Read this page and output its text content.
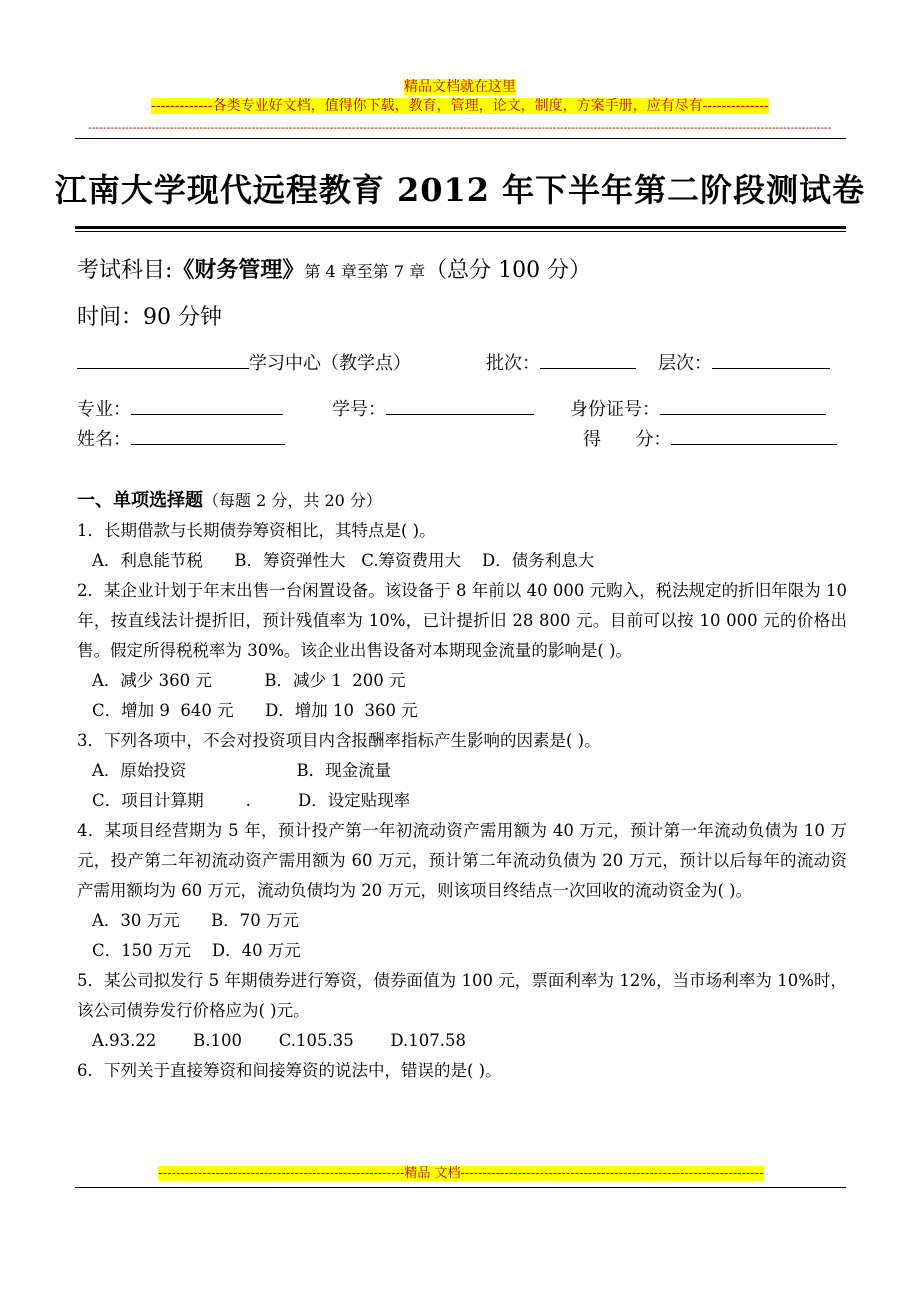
精品文档就在这里
-------------各类专业好文档，值得你下载，教育，管理，论文，制度，方案手册，应有尽有--------------
--------------------------------------------------------------------------------------------------------------------------------------------------------------------------------------------------------
江南大学现代远程教育 2012 年下半年第二阶段测试卷
考试科目:《财务管理》第 4 章至第 7 章（总分 100 分）
时间：90 分钟
学习中心（教学点）	批次：	层次：
专业：	学号：	身份证号：
姓名：	得      分：

一、单项选择题（每题 2 分，共 20 分）

1．长期借款与长期债券筹资相比，其特点是( )。

A．利息能节税      B．筹资弹性大   C.筹资费用大    D．债务利息大

2．某企业计划于年末出售一台闲置设备。该设备于 8 年前以 40 000 元购入，税法规定的折旧年限为 10 年，按直线法计提折旧，预计残值率为 10%，已计提折旧 28 800 元。目前可以按 10 000 元的价格出售。假定所得税税率为 30%。该企业出售设备对本期现金流量的影响是( )。

A．减少 360 元          B．减少 1  200 元

C．增加 9  640 元      D．增加 10  360 元

3．下列各项中，不会对投资项目内含报酬率指标产生影响的因素是( )。

A．原始投资                     B．现金流量

C．项目计算期        .         D．设定贴现率

4．某项目经营期为 5 年，预计投产第一年初流动资产需用额为 40 万元，预计第一年流动负债为 10 万元，投产第二年初流动资产需用额为 60 万元，预计第二年流动负债为 20 万元，预计以后每年的流动资产需用额均为 60 万元，流动负债均为 20 万元，则该项目终结点一次回收的流动资金为( )。

A．30 万元      B．70 万元

C．150 万元    D．40 万元

5．某公司拟发行 5 年期债券进行筹资，债券面值为 100 元，票面利率为 12%，当市场利率为 10%时，该公司债券发行价格应为( )元。

A.93.22       B.100       C.105.35       D.107.58

6．下列关于直接筹资和间接筹资的说法中，错误的是( )。

--------------------------------------------------------精品 文档---------------------------------------------------------------------
